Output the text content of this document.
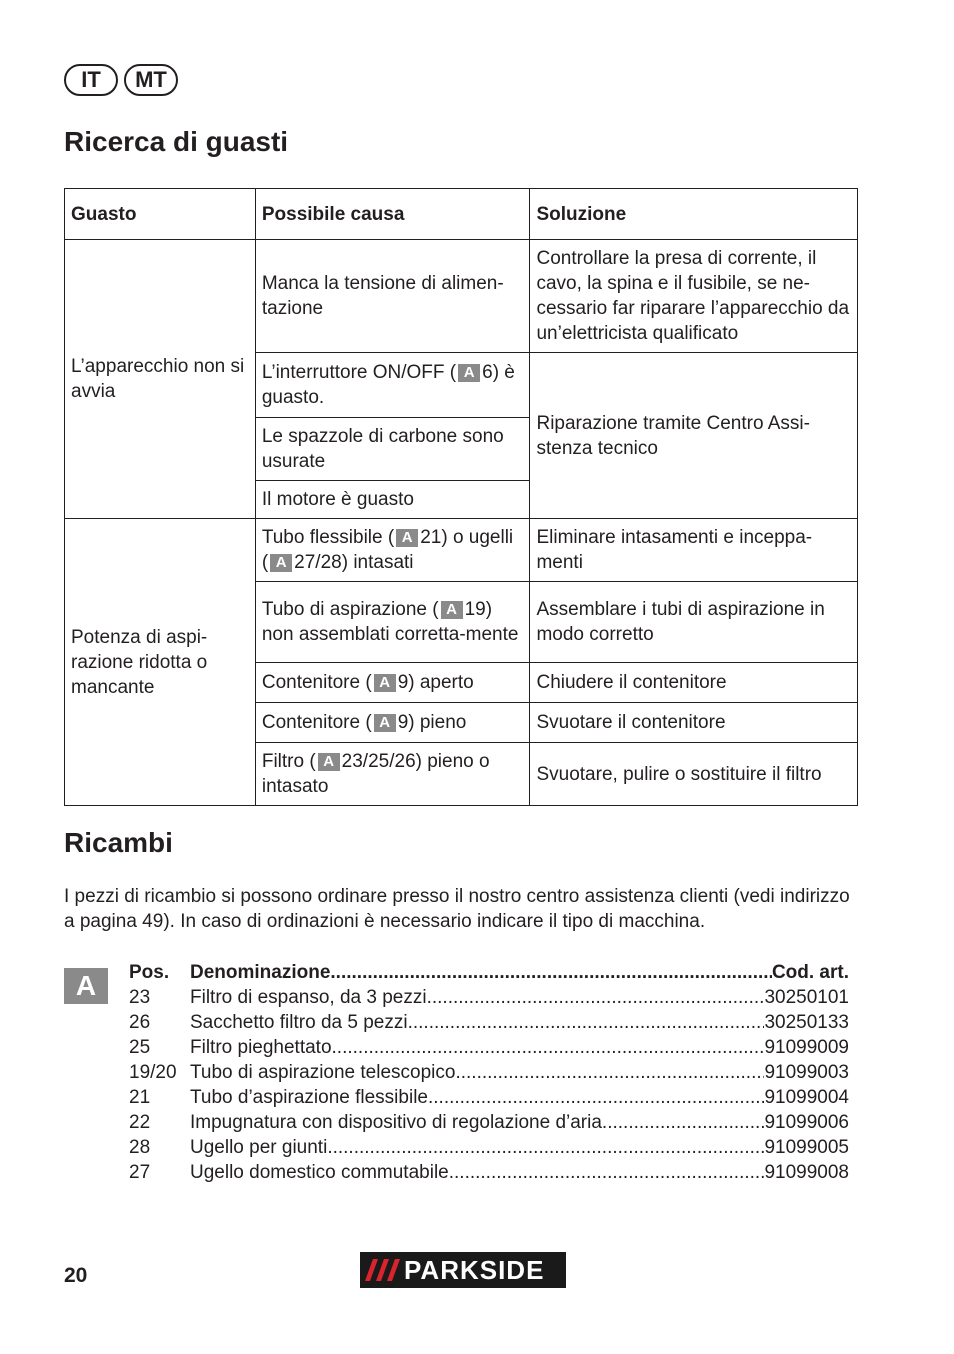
IT	MT
Ricerca di guasti
Guasto	Possibile causa	Soluzione
L’apparecchio non si avvia	Manca la tensione di alimen-tazione	Controllare la presa di corrente, il cavo, la spina e il fusibile, se ne-cessario far riparare l’apparecchio da un’elettricista qualificato
	L’interruttore ON/OFF ( A 6) è guasto.	Riparazione tramite Centro Assi-stenza tecnico
	Le spazzole di carbone sono usurate	
	Il motore è guasto	
Potenza di aspi-razione ridotta o mancante	Tubo flessibile ( A 21) o ugelli ( A 27/28) intasati	Eliminare intasamenti e inceppa-menti
	Tubo di aspirazione ( A 19) non assemblati corretta-mente	Assemblare i tubi di aspirazione in modo corretto
	Contenitore ( A 9) aperto	Chiudere il contenitore
	Contenitore ( A 9) pieno	Svuotare il contenitore
	Filtro ( A 23/25/26) pieno o intasato	Svuotare, pulire o sostituire il filtro
Ricambi

I pezzi di ricambio si possono ordinare presso il nostro centro assistenza clienti (vedi indirizzo a pagina 49). In caso di ordinazioni è necessario indicare il tipo di macchina.

A	Pos.	Denominazione .....	Cod. art.
23	Filtro di espanso, da 3 pezzi .....	30250101
26	Sacchetto filtro da 5 pezzi .....	30250133
25	Filtro pieghettato .....	91099009
19/20 Tubo di aspirazione telescopico .....	91099003
21	Tubo d’aspirazione flessibile .....	91099004
22	Impugnatura con dispositivo di regolazione d’aria .....	91099006
28	Ugello per giunti .....	91099005
27	Ugello domestico commutabile .....	91099008
20	PARKSIDE
